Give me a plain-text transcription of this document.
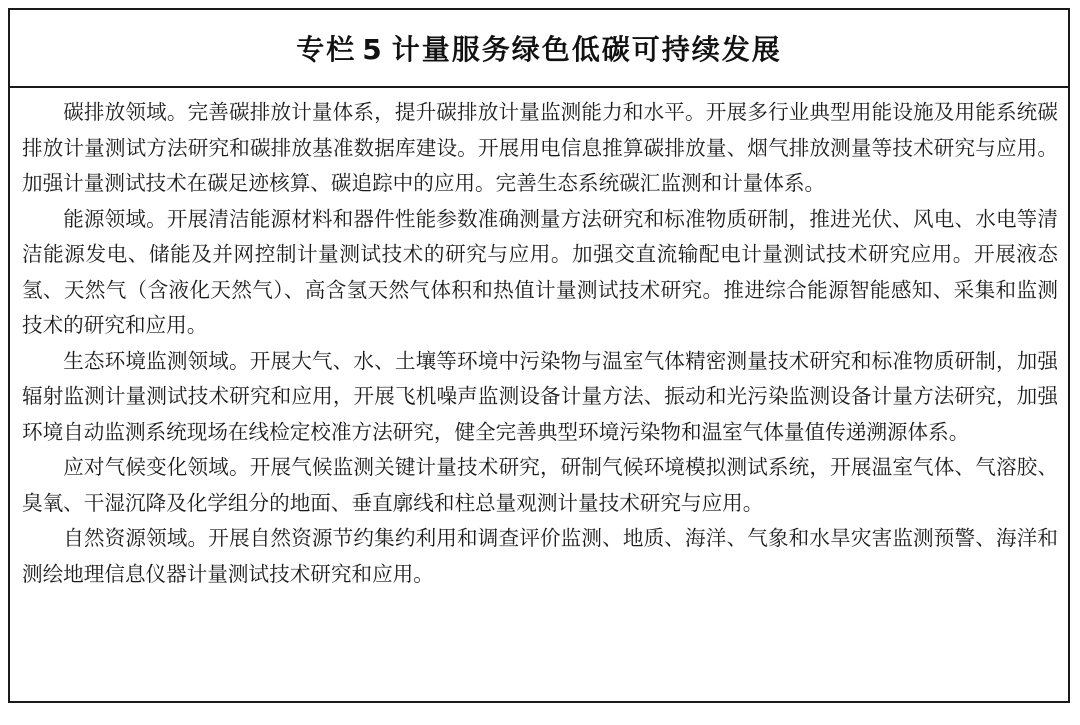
专栏 5 计量服务绿色低碳可持续发展

碳排放领域。完善碳排放计量体系，提升碳排放计量监测能力和水平。开展多行业典型用能设施及用能系统碳排放计量测试方法研究和碳排放基准数据库建设。开展用电信息推算碳排放量、烟气排放测量等技术研究与应用。加强计量测试技术在碳足迹核算、碳追踪中的应用。完善生态系统碳汇监测和计量体系。

能源领域。开展清洁能源材料和器件性能参数准确测量方法研究和标准物质研制，推进光伏、风电、水电等清洁能源发电、储能及并网控制计量测试技术的研究与应用。加强交直流输配电计量测试技术研究应用。开展液态氢、天然气（含液化天然气）、高含氢天然气体积和热值计量测试技术研究。推进综合能源智能感知、采集和监测技术的研究和应用。

生态环境监测领域。开展大气、水、土壤等环境中污染物与温室气体精密测量技术研究和标准物质研制，加强辐射监测计量测试技术研究和应用，开展飞机噪声监测设备计量方法、振动和光污染监测设备计量方法研究，加强环境自动监测系统现场在线检定校准方法研究，健全完善典型环境污染物和温室气体量值传递溯源体系。

应对气候变化领域。开展气候监测关键计量技术研究，研制气候环境模拟测试系统，开展温室气体、气溶胶、臭氧、干湿沉降及化学组分的地面、垂直廓线和柱总量观测计量技术研究与应用。

自然资源领域。开展自然资源节约集约利用和调查评价监测、地质、海洋、气象和水旱灾害监测预警、海洋和测绘地理信息仪器计量测试技术研究和应用。
